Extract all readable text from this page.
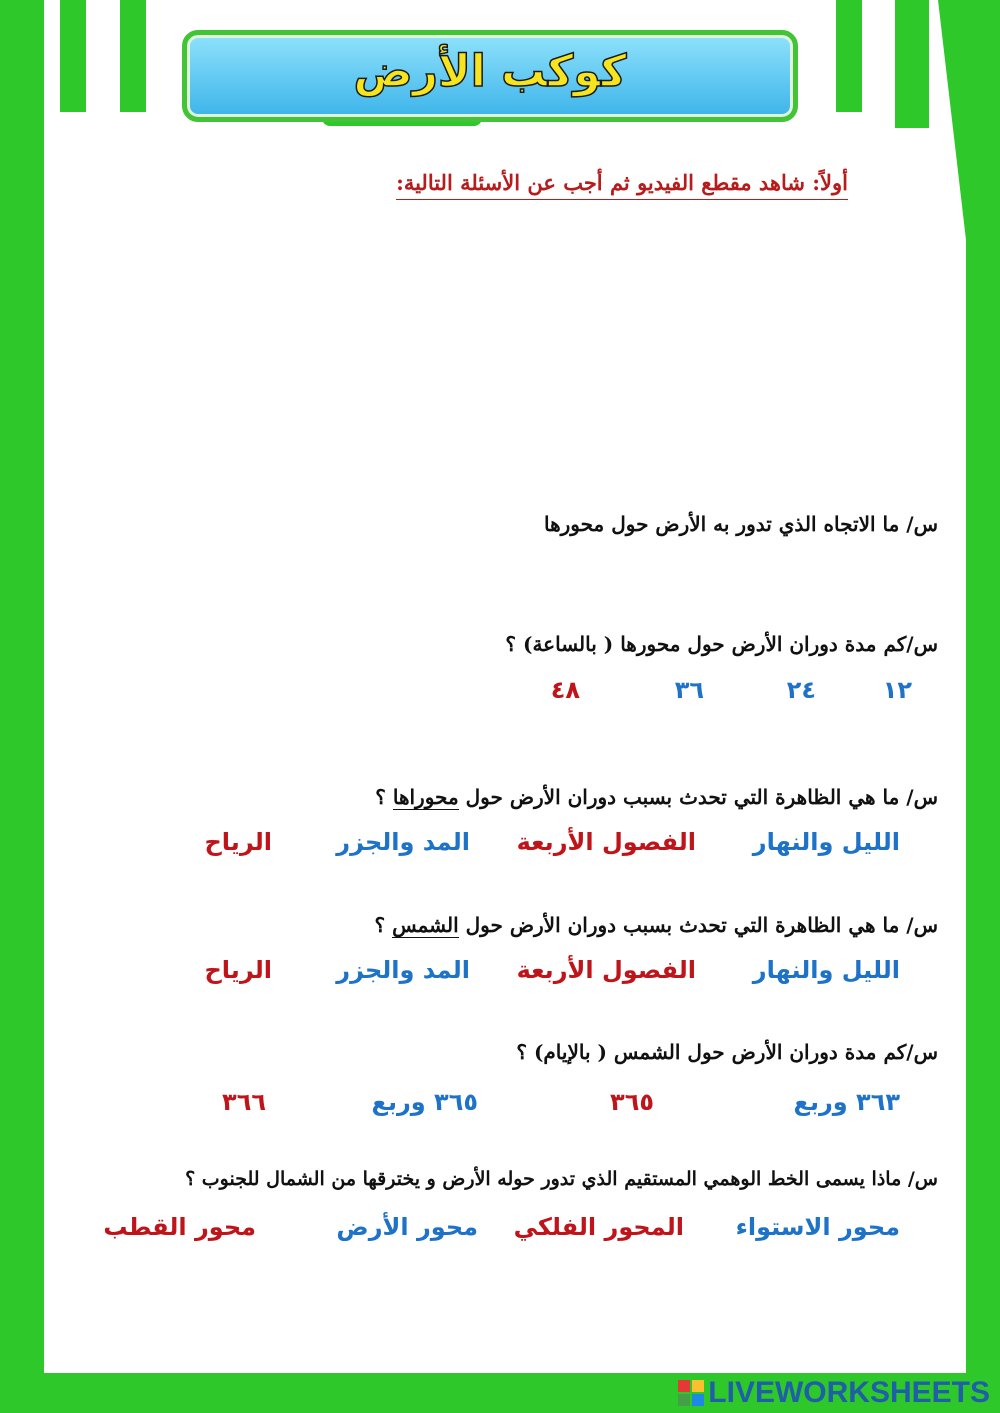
كوكب الأرض
أولاً: شاهد مقطع الفيديو ثم أجب عن الأسئلة التالية:
س/ ما الاتجاه الذي تدور به الأرض حول محورها
س/كم مدة دوران الأرض حول محورها ( بالساعة) ؟
١٢
٢٤
٣٦
٤٨
س/ ما هي الظاهرة التي تحدث بسبب دوران الأرض حول محوراها ؟
الليل والنهار
الفصول الأربعة
المد والجزر
الرياح
س/ ما هي الظاهرة التي تحدث بسبب دوران الأرض حول الشمس ؟
الليل والنهار
الفصول الأربعة
المد والجزر
الرياح
س/كم مدة دوران الأرض حول الشمس ( بالإيام) ؟
٣٦٣ وربع
٣٦٥
٣٦٥ وربع
٣٦٦
س/ ماذا يسمى الخط الوهمي المستقيم الذي تدور حوله الأرض و يخترقها من الشمال للجنوب ؟
محور الاستواء
المحور الفلكي
محور الأرض
محور القطب
LIVEWORKSHEETS
